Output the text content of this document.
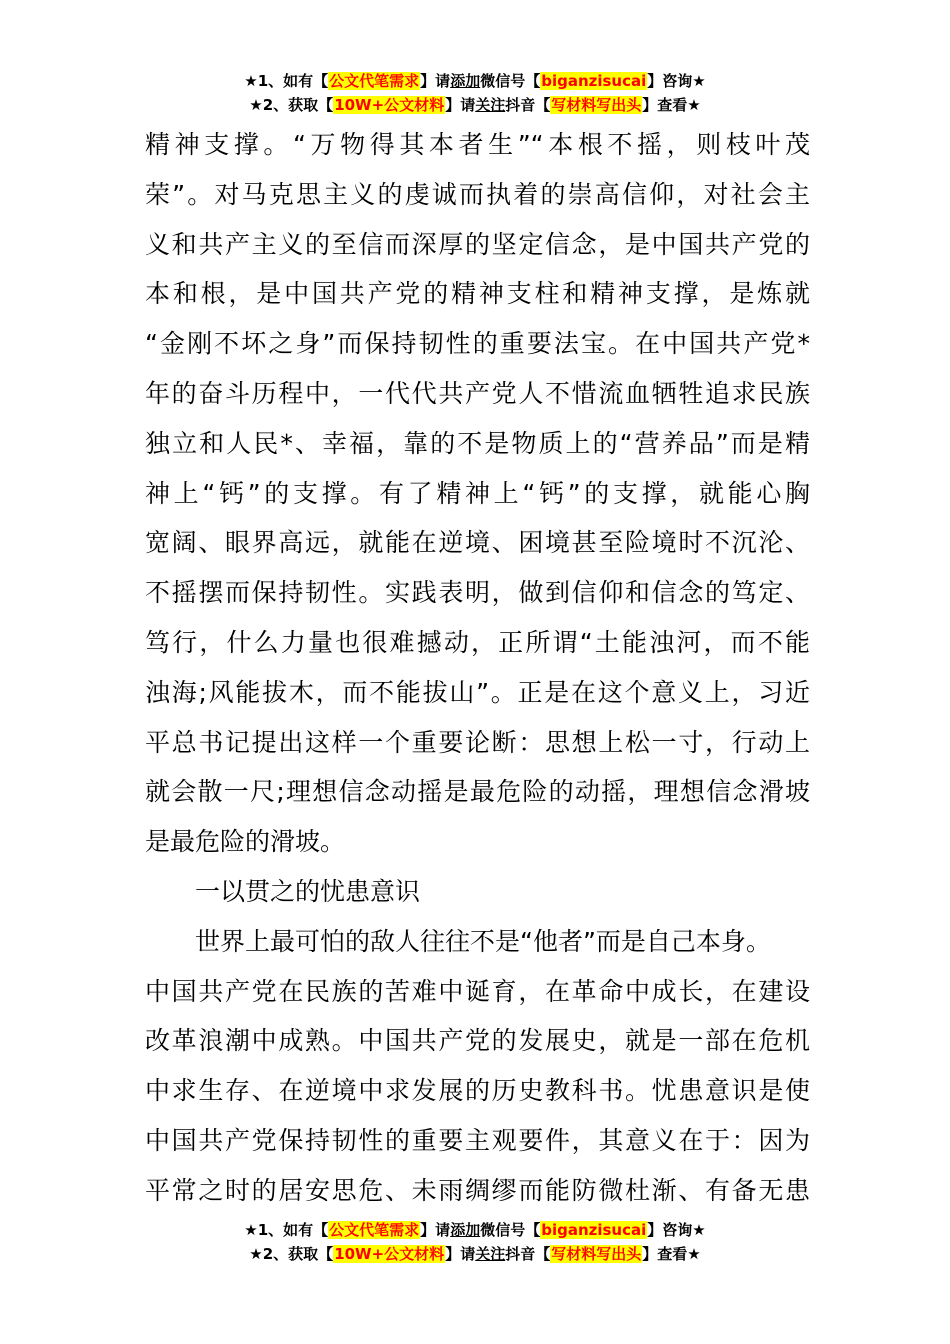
★1、如有【公文代笔需求】请添加微信号【biganzisucai】咨询★
★2、获取【10W+公文材料】请关注抖音【写材料写出头】查看★
精神支撑。“万物得其本者生”“本根不摇，则枝叶茂
荣”。对马克思主义的虔诚而执着的崇高信仰，对社会主
义和共产主义的至信而深厚的坚定信念，是中国共产党的
本和根，是中国共产党的精神支柱和精神支撑，是炼就
“金刚不坏之身”而保持韧性的重要法宝。在中国共产党*
年的奋斗历程中，一代代共产党人不惜流血牺牲追求民族
独立和人民*、幸福，靠的不是物质上的“营养品”而是精
神上“钙”的支撑。有了精神上“钙”的支撑，就能心胸
宽阔、眼界高远，就能在逆境、困境甚至险境时不沉沦、
不摇摆而保持韧性。实践表明，做到信仰和信念的笃定、
笃行，什么力量也很难撼动，正所谓“土能浊河，而不能
浊海;风能拔木，而不能拔山”。正是在这个意义上，习近
平总书记提出这样一个重要论断：思想上松一寸，行动上
就会散一尺;理想信念动摇是最危险的动摇，理想信念滑坡
是最危险的滑坡。
一以贯之的忧患意识
世界上最可怕的敌人往往不是“他者”而是自己本身。
中国共产党在民族的苦难中诞育，在革命中成长，在建设
改革浪潮中成熟。中国共产党的发展史，就是一部在危机
中求生存、在逆境中求发展的历史教科书。忧患意识是使
中国共产党保持韧性的重要主观要件，其意义在于：因为
平常之时的居安思危、未雨绸缪而能防微杜渐、有备无患
★1、如有【公文代笔需求】请添加微信号【biganzisucai】咨询★
★2、获取【10W+公文材料】请关注抖音【写材料写出头】查看★
